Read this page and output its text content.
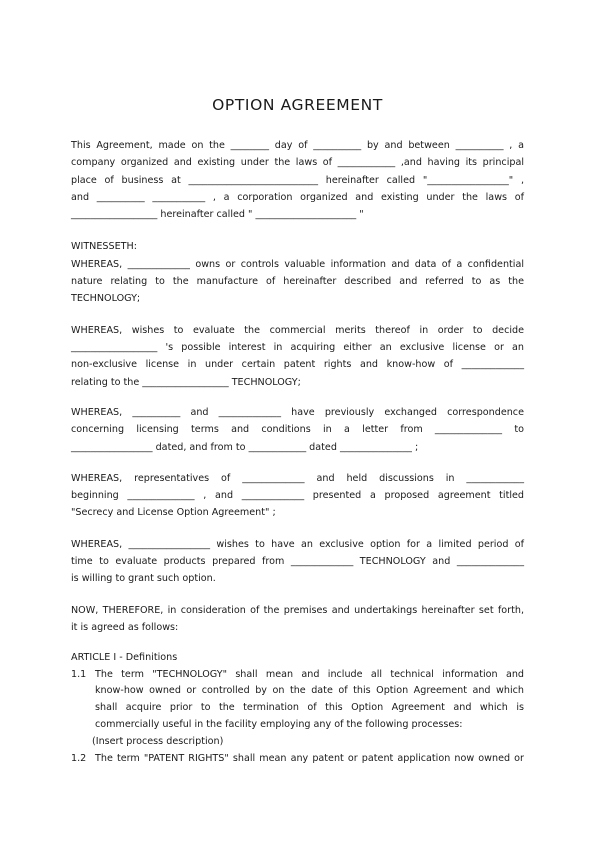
OPTION AGREEMENT
This Agreement, made on the ________ day of __________ by and between __________ , a
company organized and existing under the laws of ____________ ,and having its principal
place of business at ___________________________ hereinafter called "_________________" ,
and __________ ___________ , a corporation organized and existing under the laws of
__________________ hereinafter called " _____________________ "
WITNESSETH:
WHEREAS, _____________ owns or controls valuable information and data of a confidential
nature relating to the manufacture of hereinafter described and referred to as the
TECHNOLOGY;
WHEREAS, wishes to evaluate the commercial merits thereof in order to decide
__________________ 's possible interest in acquiring either an exclusive license or an
non-exclusive license in under certain patent rights and know-how of _____________
relating to the __________________ TECHNOLOGY;
WHEREAS, __________ and _____________ have previously exchanged correspondence
concerning licensing terms and conditions in a letter from ______________ to
_________________ dated, and from to ____________ dated _______________ ;
WHEREAS, representatives of _____________ and held discussions in ____________
beginning ______________ , and _____________ presented a proposed agreement titled
"Secrecy and License Option Agreement" ;
WHEREAS, _________________ wishes to have an exclusive option for a limited period of
time to evaluate products prepared from _____________ TECHNOLOGY and ______________
is willing to grant such option.
NOW, THEREFORE, in consideration of the premises and undertakings hereinafter set forth,
it is agreed as follows:
ARTICLE I - Definitions
1.1 The term "TECHNOLOGY" shall mean and include all technical information and
know-how owned or controlled by on the date of this Option Agreement and which
shall acquire prior to the termination of this Option Agreement and which is
commercially useful in the facility employing any of the following processes:
(Insert process description)
1.2 The term "PATENT RIGHTS" shall mean any patent or patent application now owned or
